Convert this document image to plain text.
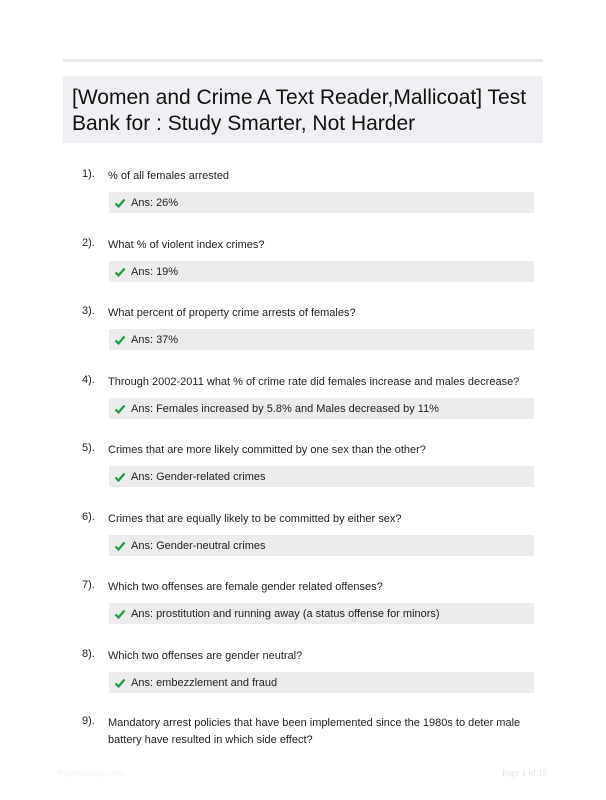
[Women and Crime A Text Reader,Mallicoat] Test Bank for : Study Smarter, Not Harder
1). % of all females arrested
Ans: 26%
2). What % of violent index crimes?
Ans: 19%
3). What percent of property crime arrests of females?
Ans: 37%
4). Through 2002-2011 what % of crime rate did females increase and males decrease?
Ans: Females increased by 5.8% and Males decreased by 11%
5). Crimes that are more likely committed by one sex than the other?
Ans: Gender-related crimes
6). Crimes that are equally likely to be committed by either sex?
Ans: Gender-neutral crimes
7). Which two offenses are female gender related offenses?
Ans: prostitution and running away (a status offense for minors)
8). Which two offenses are gender neutral?
Ans: embezzlement and fraud
9). Mandatory arrest policies that have been implemented since the 1980s to deter male battery have resulted in which side effect?
PaperStudy.com	Page 1 of 15
